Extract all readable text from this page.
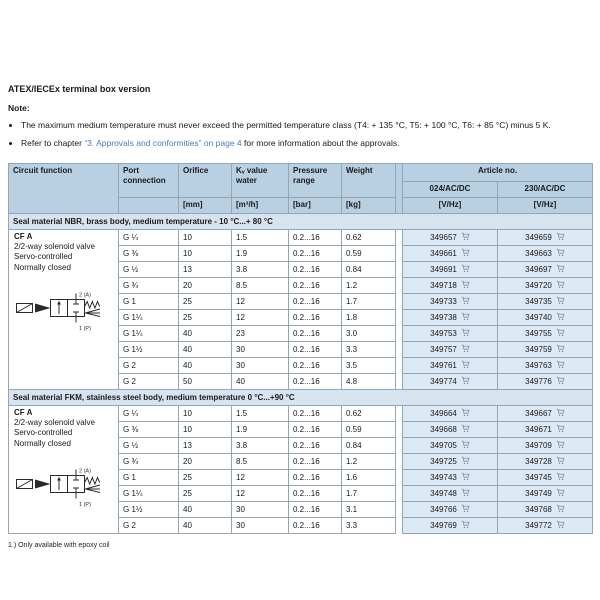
ATEX/IECEx terminal box version
Note:
• The maximum medium temperature must never exceed the permitted temperature class (T4: + 135 °C, T5: + 100 °C, T6: + 85 °C) minus 5 K.
• Refer to chapter “3. Approvals and conformities” on page 4 for more information about the approvals.
Circuit function	Port connection	Orifice	Kᵥ value water	Pressure range	Weight		Article no.	
							024/AC/DC	230/AC/DC
		[mm]	[m³/h]	[bar]	[kg]		[V/Hz]	[V/Hz]
Seal material NBR, brass body, medium temperature - 10 °C...+ 80 °C								

CF A
2/2-way solenoid valve
Servo-controlled
Normally closed
2 (A)
1 (P)
	G ¼	10	1.5	0.2...16	0.62		349657	349659
	G ⅜	10	1.9	0.2...16	0.59		349661	349663
	G ½	13	3.8	0.2...16	0.84		349691	349697
	G ¾	20	8.5	0.2...16	1.2		349718	349720
	G 1	25	12	0.2...16	1.7		349733	349735
	G 1¼	25	12	0.2...16	1.8		349738	349740
	G 1¼	40	23	0.2...16	3.0		349753	349755
	G 1½	40	30	0.2...16	3.3		349757	349759
	G 2	40	30	0.2...16	3.5		349761	349763
	G 2	50	40	0.2...16	4.8		349774	349776
Seal material FKM, stainless steel body, medium temperature 0 °C...+90 °C								

CF A
2/2-way solenoid valve
Servo-controlled
Normally closed
2 (A)
1 (P)
	G ¼	10	1.5	0.2...16	0.62		349664	349667
	G ⅜	10	1.9	0.2...16	0.59		349668	349671
	G ½	13	3.8	0.2...16	0.84		349705	349709
	G ¾	20	8.5	0.2...16	1.2		349725	349728
	G 1	25	12	0.2...16	1.6		349743	349745
	G 1¼	25	12	0.2...16	1.7		349748	349749
	G 1½	40	30	0.2...16	3.1		349766	349768
	G 2	40	30	0.2...16	3.3		349769	349772
1.) Only available with epoxy coil
